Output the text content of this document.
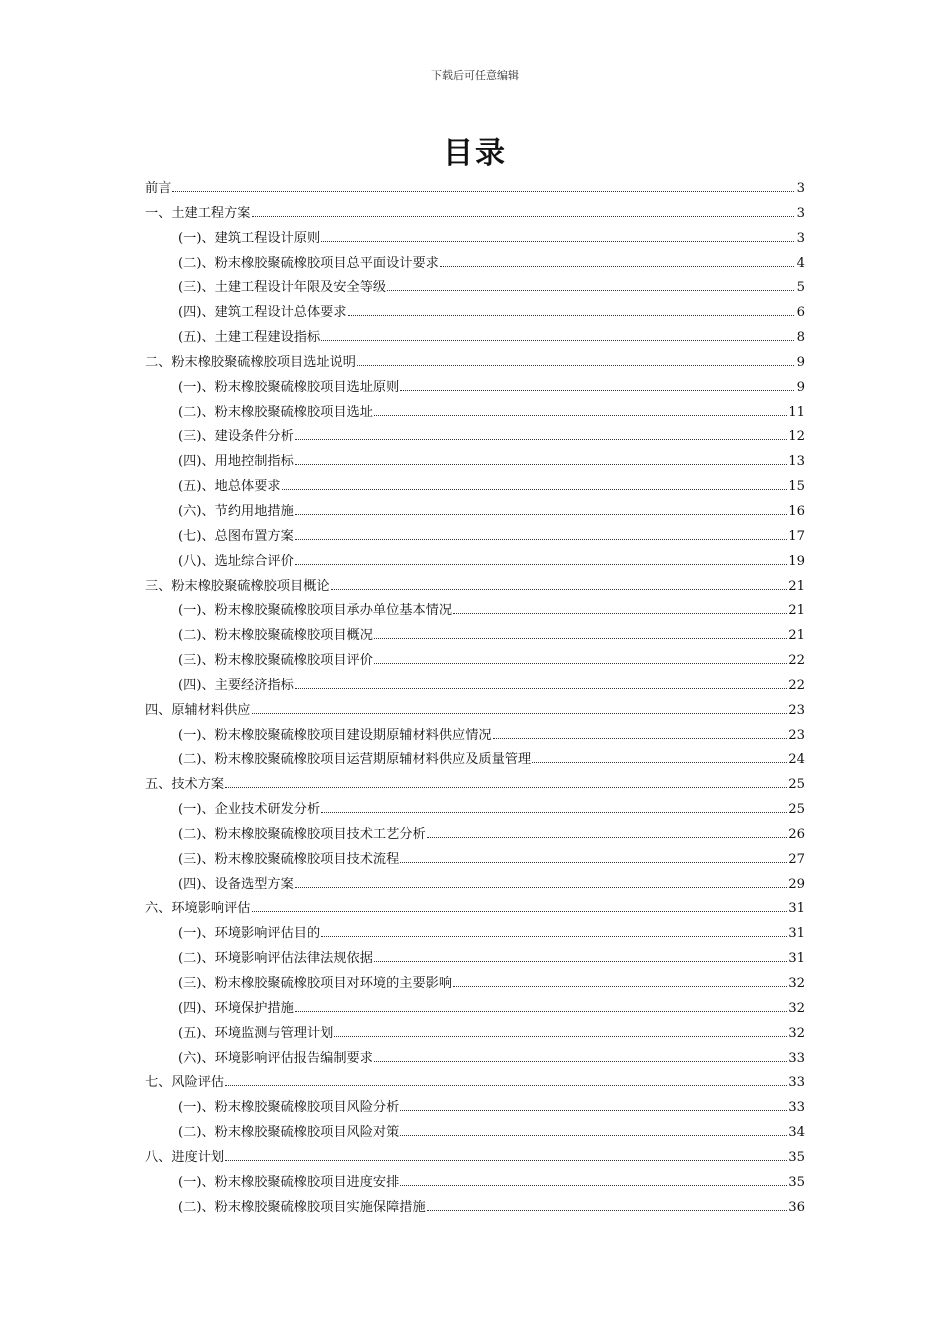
下载后可任意编辑
目录
前言	3
一、土建工程方案	3
(一)、建筑工程设计原则	3
(二)、粉末橡胶聚硫橡胶项目总平面设计要求	4
(三)、土建工程设计年限及安全等级	5
(四)、建筑工程设计总体要求	6
(五)、土建工程建设指标	8
二、粉末橡胶聚硫橡胶项目选址说明	9
(一)、粉末橡胶聚硫橡胶项目选址原则	9
(二)、粉末橡胶聚硫橡胶项目选址	11
(三)、建设条件分析	12
(四)、用地控制指标	13
(五)、地总体要求	15
(六)、节约用地措施	16
(七)、总图布置方案	17
(八)、选址综合评价	19
三、粉末橡胶聚硫橡胶项目概论	21
(一)、粉末橡胶聚硫橡胶项目承办单位基本情况	21
(二)、粉末橡胶聚硫橡胶项目概况	21
(三)、粉末橡胶聚硫橡胶项目评价	22
(四)、主要经济指标	22
四、原辅材料供应	23
(一)、粉末橡胶聚硫橡胶项目建设期原辅材料供应情况	23
(二)、粉末橡胶聚硫橡胶项目运营期原辅材料供应及质量管理	24
五、技术方案	25
(一)、企业技术研发分析	25
(二)、粉末橡胶聚硫橡胶项目技术工艺分析	26
(三)、粉末橡胶聚硫橡胶项目技术流程	27
(四)、设备选型方案	29
六、环境影响评估	31
(一)、环境影响评估目的	31
(二)、环境影响评估法律法规依据	31
(三)、粉末橡胶聚硫橡胶项目对环境的主要影响	32
(四)、环境保护措施	32
(五)、环境监测与管理计划	32
(六)、环境影响评估报告编制要求	33
七、风险评估	33
(一)、粉末橡胶聚硫橡胶项目风险分析	33
(二)、粉末橡胶聚硫橡胶项目风险对策	34
八、进度计划	35
(一)、粉末橡胶聚硫橡胶项目进度安排	35
(二)、粉末橡胶聚硫橡胶项目实施保障措施	36
